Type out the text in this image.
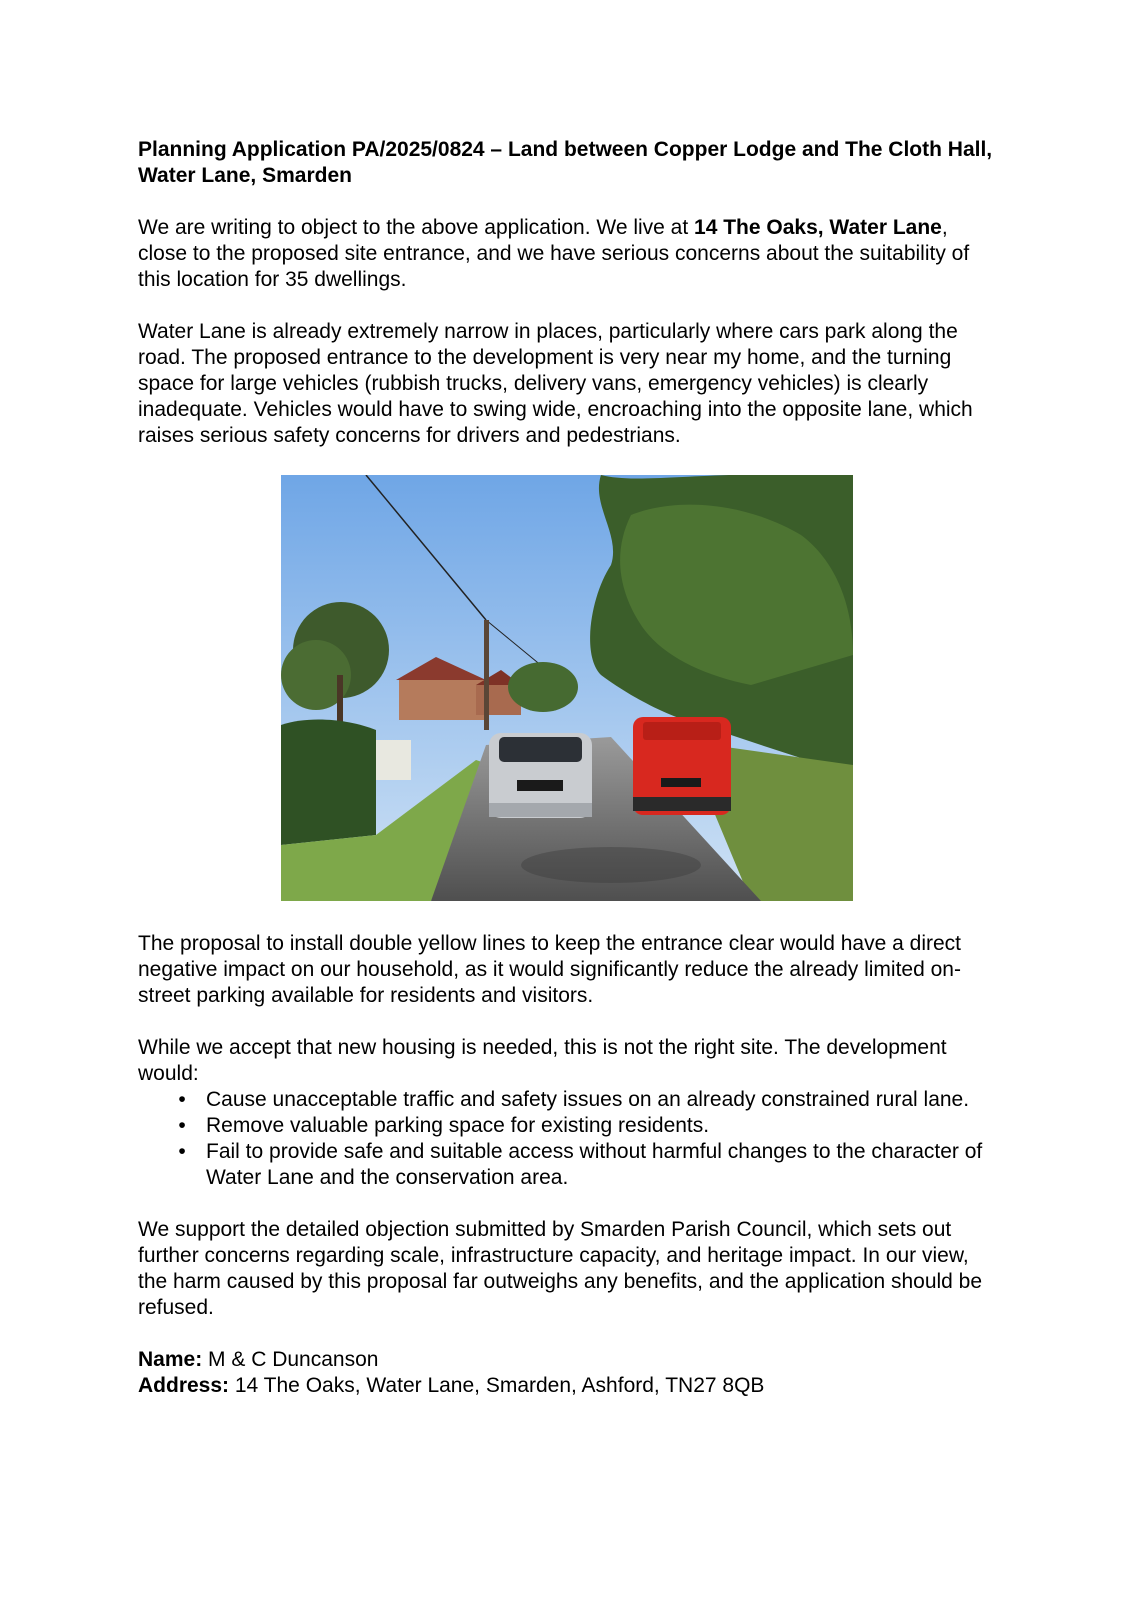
Planning Application PA/2025/0824 – Land between Copper Lodge and The Cloth Hall, Water Lane, Smarden

We are writing to object to the above application. We live at 14 The Oaks, Water Lane, close to the proposed site entrance, and we have serious concerns about the suitability of this location for 35 dwellings.

Water Lane is already extremely narrow in places, particularly where cars park along the road. The proposed entrance to the development is very near my home, and the turning space for large vehicles (rubbish trucks, delivery vans, emergency vehicles) is clearly inadequate. Vehicles would have to swing wide, encroaching into the opposite lane, which raises serious safety concerns for drivers and pedestrians.

The proposal to install double yellow lines to keep the entrance clear would have a direct negative impact on our household, as it would significantly reduce the already limited on-street parking available for residents and visitors.

While we accept that new housing is needed, this is not the right site. The development would:

• Cause unacceptable traffic and safety issues on an already constrained rural lane.
• Remove valuable parking space for existing residents.
• Fail to provide safe and suitable access without harmful changes to the character of Water Lane and the conservation area.

We support the detailed objection submitted by Smarden Parish Council, which sets out further concerns regarding scale, infrastructure capacity, and heritage impact. In our view, the harm caused by this proposal far outweighs any benefits, and the application should be refused.

Name: M & C Duncanson
Address: 14 The Oaks, Water Lane, Smarden, Ashford, TN27 8QB
